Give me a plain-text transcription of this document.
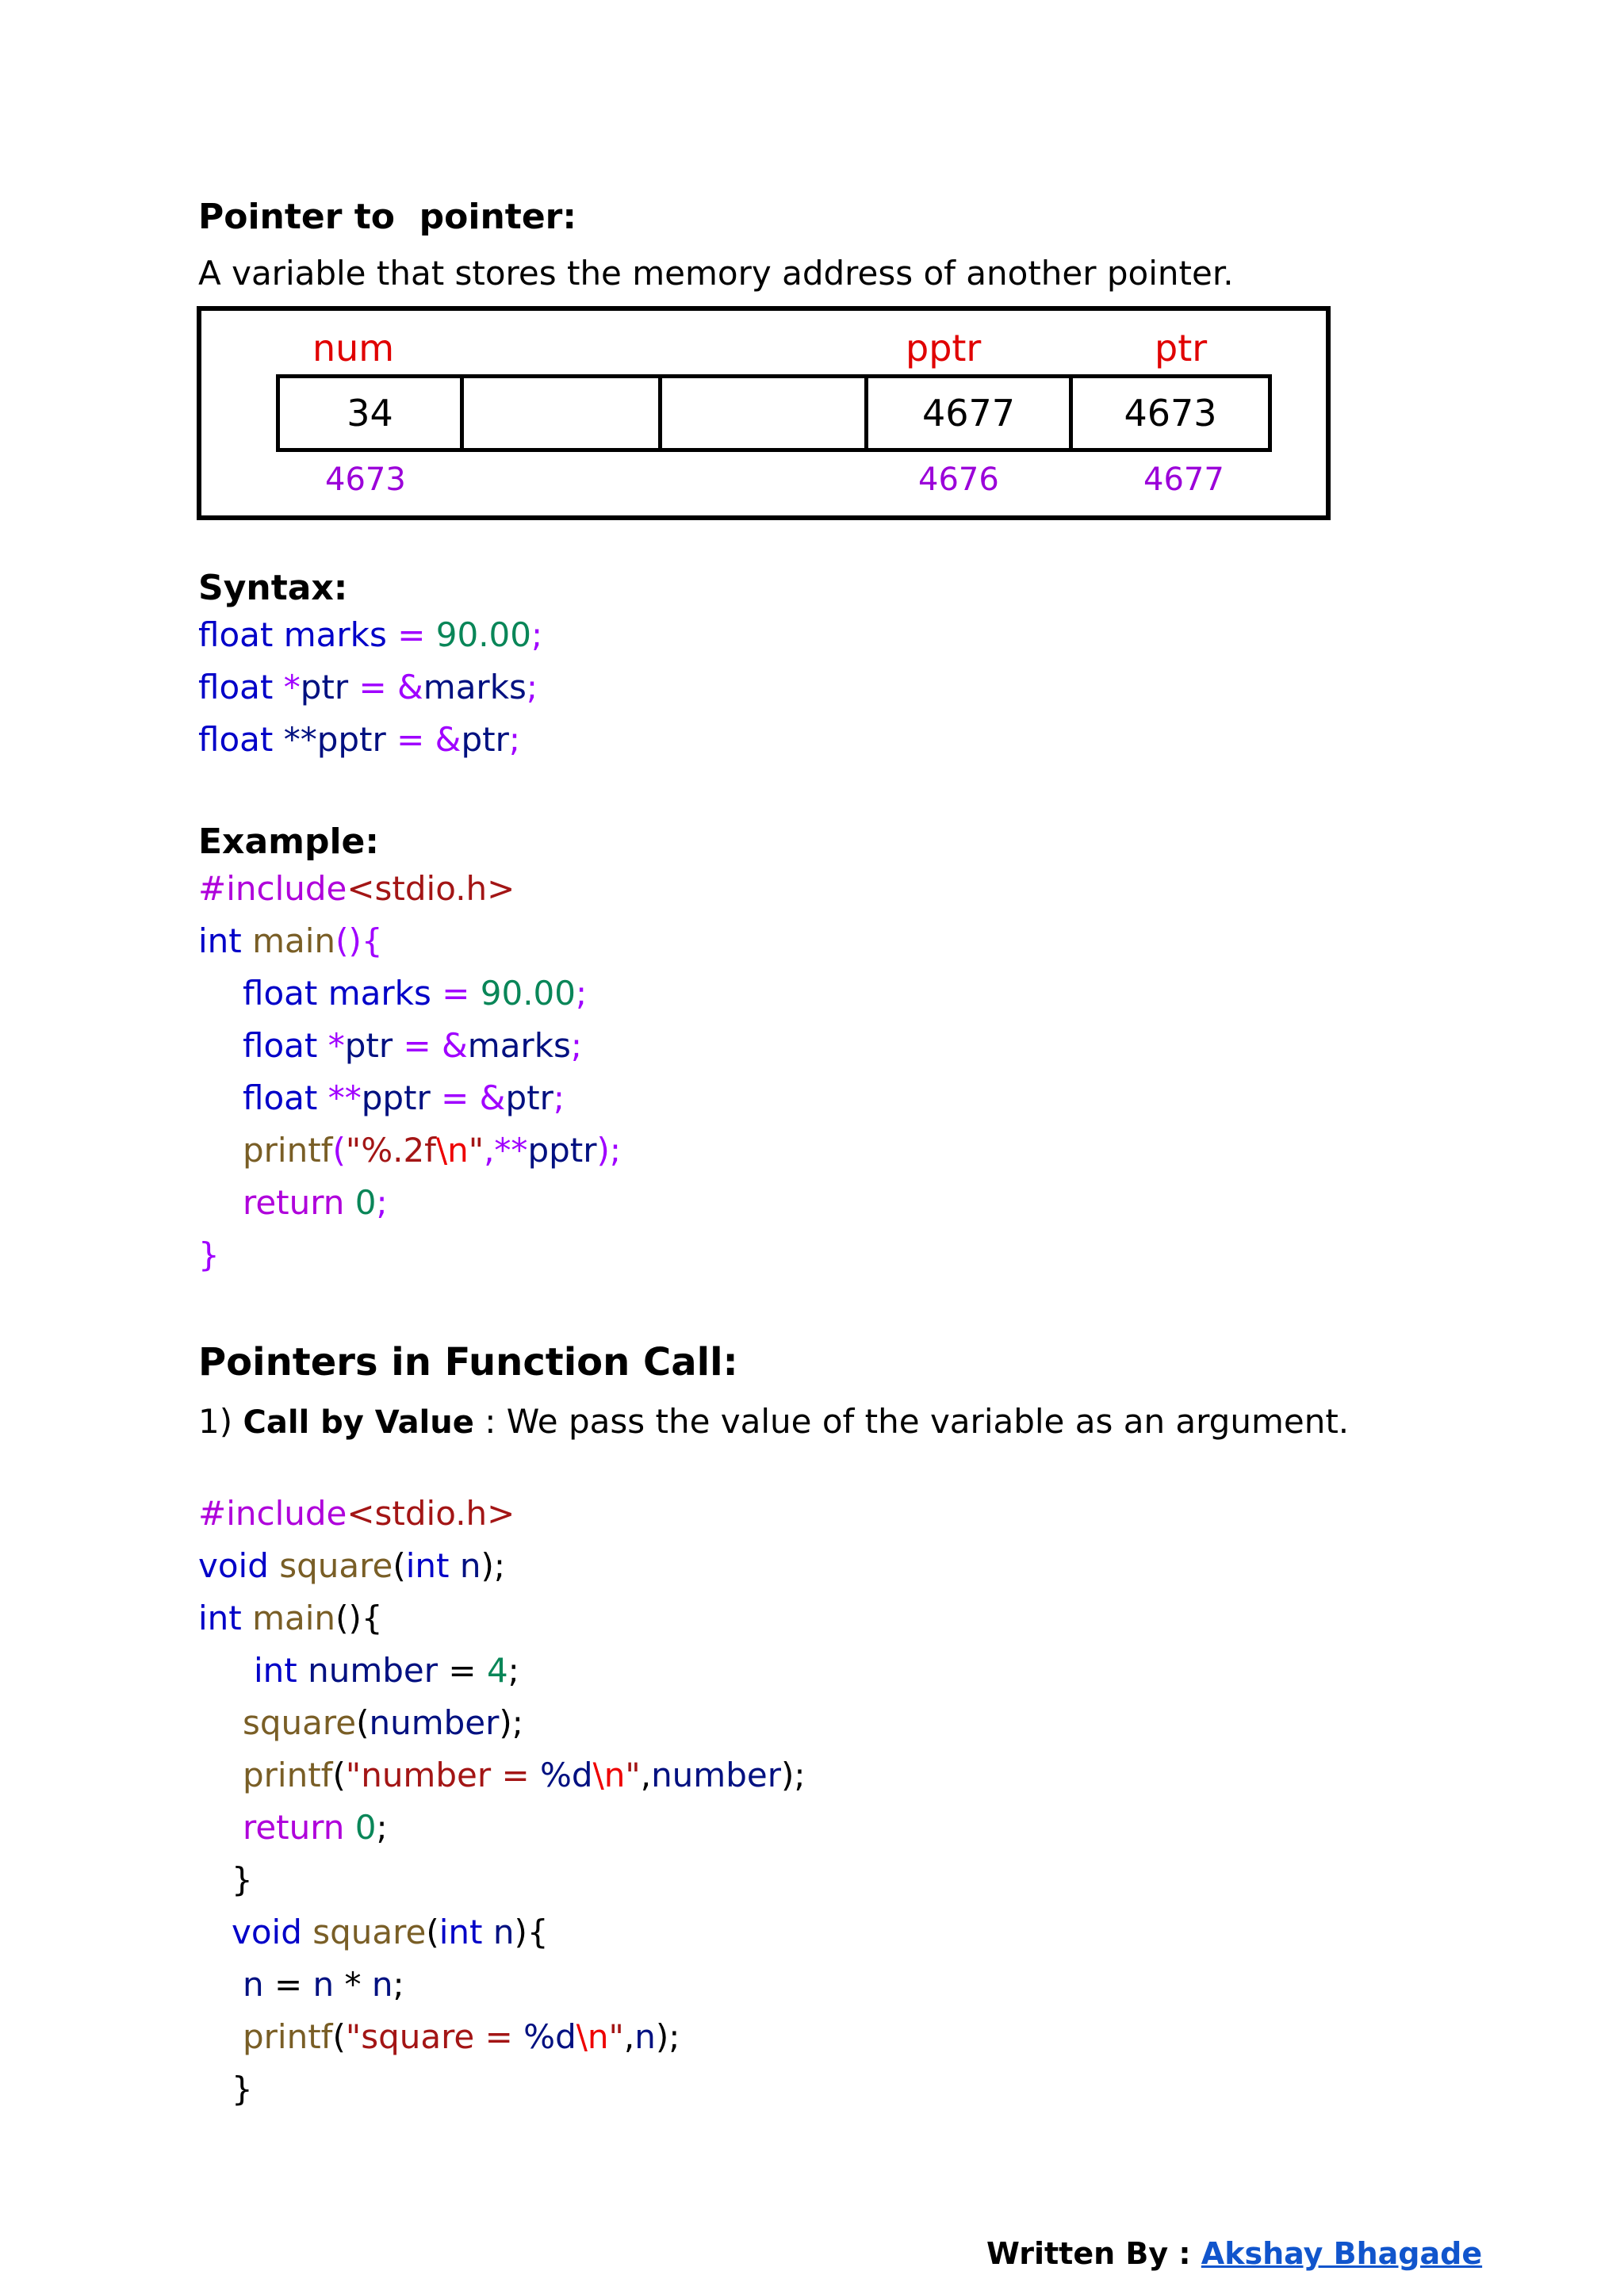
Pointer to  pointer:
A variable that stores the memory address of another pointer.
num	pptr	ptr
34	4677	4673
4673	4676	4677
Syntax:
float marks = 90.00;
float *ptr = &marks;
float **pptr = &ptr;
Example:
#include<stdio.h>
int main(){
float marks = 90.00;
float *ptr = &marks;
float **pptr = &ptr;
printf("%.2f\n",**pptr);
return 0;
}
Pointers in Function Call:
1) Call by Value : We pass the value of the variable as an argument.
#include<stdio.h>
void square(int n);
int main(){
int number = 4;
square(number);
printf("number = %d\n",number);
return 0;
}
void square(int n){
n = n * n;
printf("square = %d\n",n);
}
Written By : Akshay Bhagade
